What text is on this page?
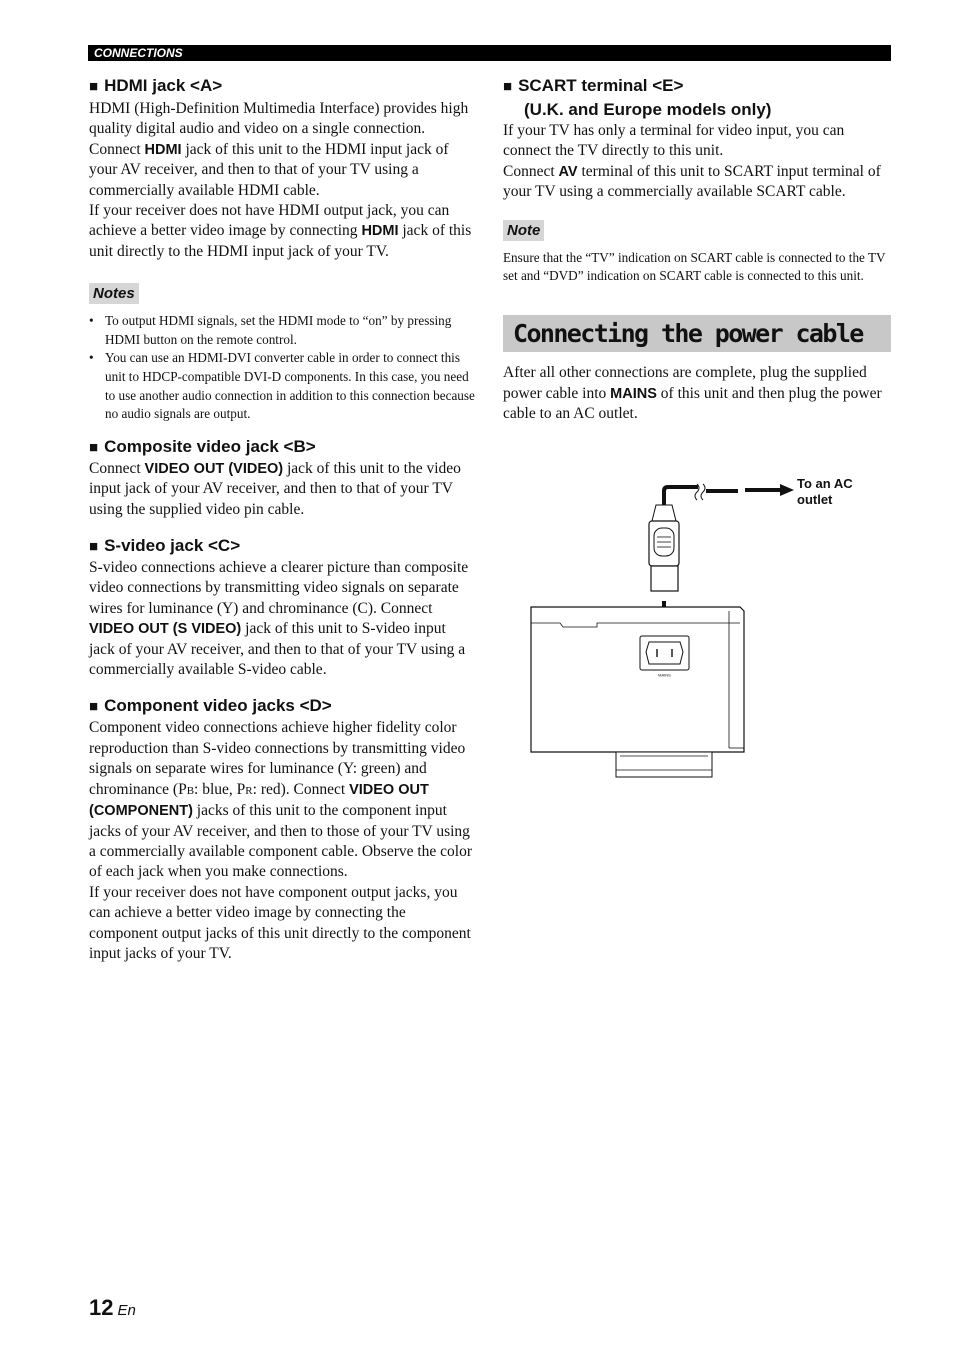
CONNECTIONS
■ HDMI jack <A>

HDMI (High-Definition Multimedia Interface) provides high quality digital audio and video on a single connection. Connect HDMI jack of this unit to the HDMI input jack of your AV receiver, and then to that of your TV using a commercially available HDMI cable.

If your receiver does not have HDMI output jack, you can achieve a better video image by connecting HDMI jack of this unit directly to the HDMI input jack of your TV.

Notes
• To output HDMI signals, set the HDMI mode to “on” by pressing HDMI button on the remote control.
• You can use an HDMI-DVI converter cable in order to connect this unit to HDCP-compatible DVI-D components. In this case, you need to use another audio connection in addition to this connection because no audio signals are output.
■ Composite video jack <B>

Connect VIDEO OUT (VIDEO) jack of this unit to the video input jack of your AV receiver, and then to that of your TV using the supplied video pin cable.

■ S-video jack <C>

S-video connections achieve a clearer picture than composite video connections by transmitting video signals on separate wires for luminance (Y) and chrominance (C). Connect VIDEO OUT (S VIDEO) jack of this unit to S-video input jack of your AV receiver, and then to that of your TV using a commercially available S-video cable.

■ Component video jacks <D>

Component video connections achieve higher fidelity color reproduction than S-video connections by transmitting video signals on separate wires for luminance (Y: green) and chrominance (PB: blue, PR: red). Connect VIDEO OUT (COMPONENT) jacks of this unit to the component input jacks of your AV receiver, and then to those of your TV using a commercially available component cable. Observe the color of each jack when you make connections.

If your receiver does not have component output jacks, you can achieve a better video image by connecting the component output jacks of this unit directly to the component input jacks of your TV.

■ SCART terminal <E>
(U.K. and Europe models only)

If your TV has only a terminal for video input, you can connect the TV directly to this unit.

Connect AV terminal of this unit to SCART input terminal of your TV using a commercially available SCART cable.

Note

Ensure that the “TV” indication on SCART cable is connected to the TV set and “DVD” indication on SCART cable is connected to this unit.

Connecting the power cable

After all other connections are complete, plug the supplied power cable into MAINS of this unit and then plug the power cable to an AC outlet.

MAINS
To an AC outlet
12 En
